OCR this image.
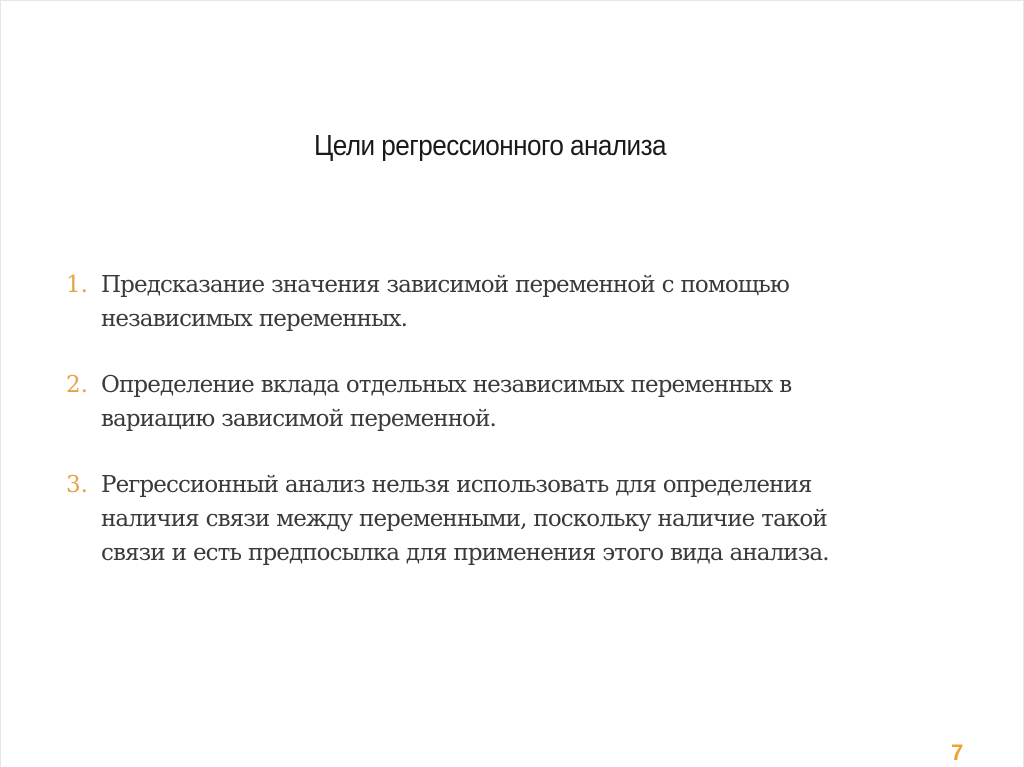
Цели регрессионного анализа
1. Предсказание значения зависимой переменной с помощью
независимых переменных.
2. Определение вклада отдельных независимых переменных в
вариацию зависимой переменной.
3. Регрессионный анализ нельзя использовать для определения
наличия связи между переменными, поскольку наличие такой
связи и есть предпосылка для применения этого вида анализа.
7
